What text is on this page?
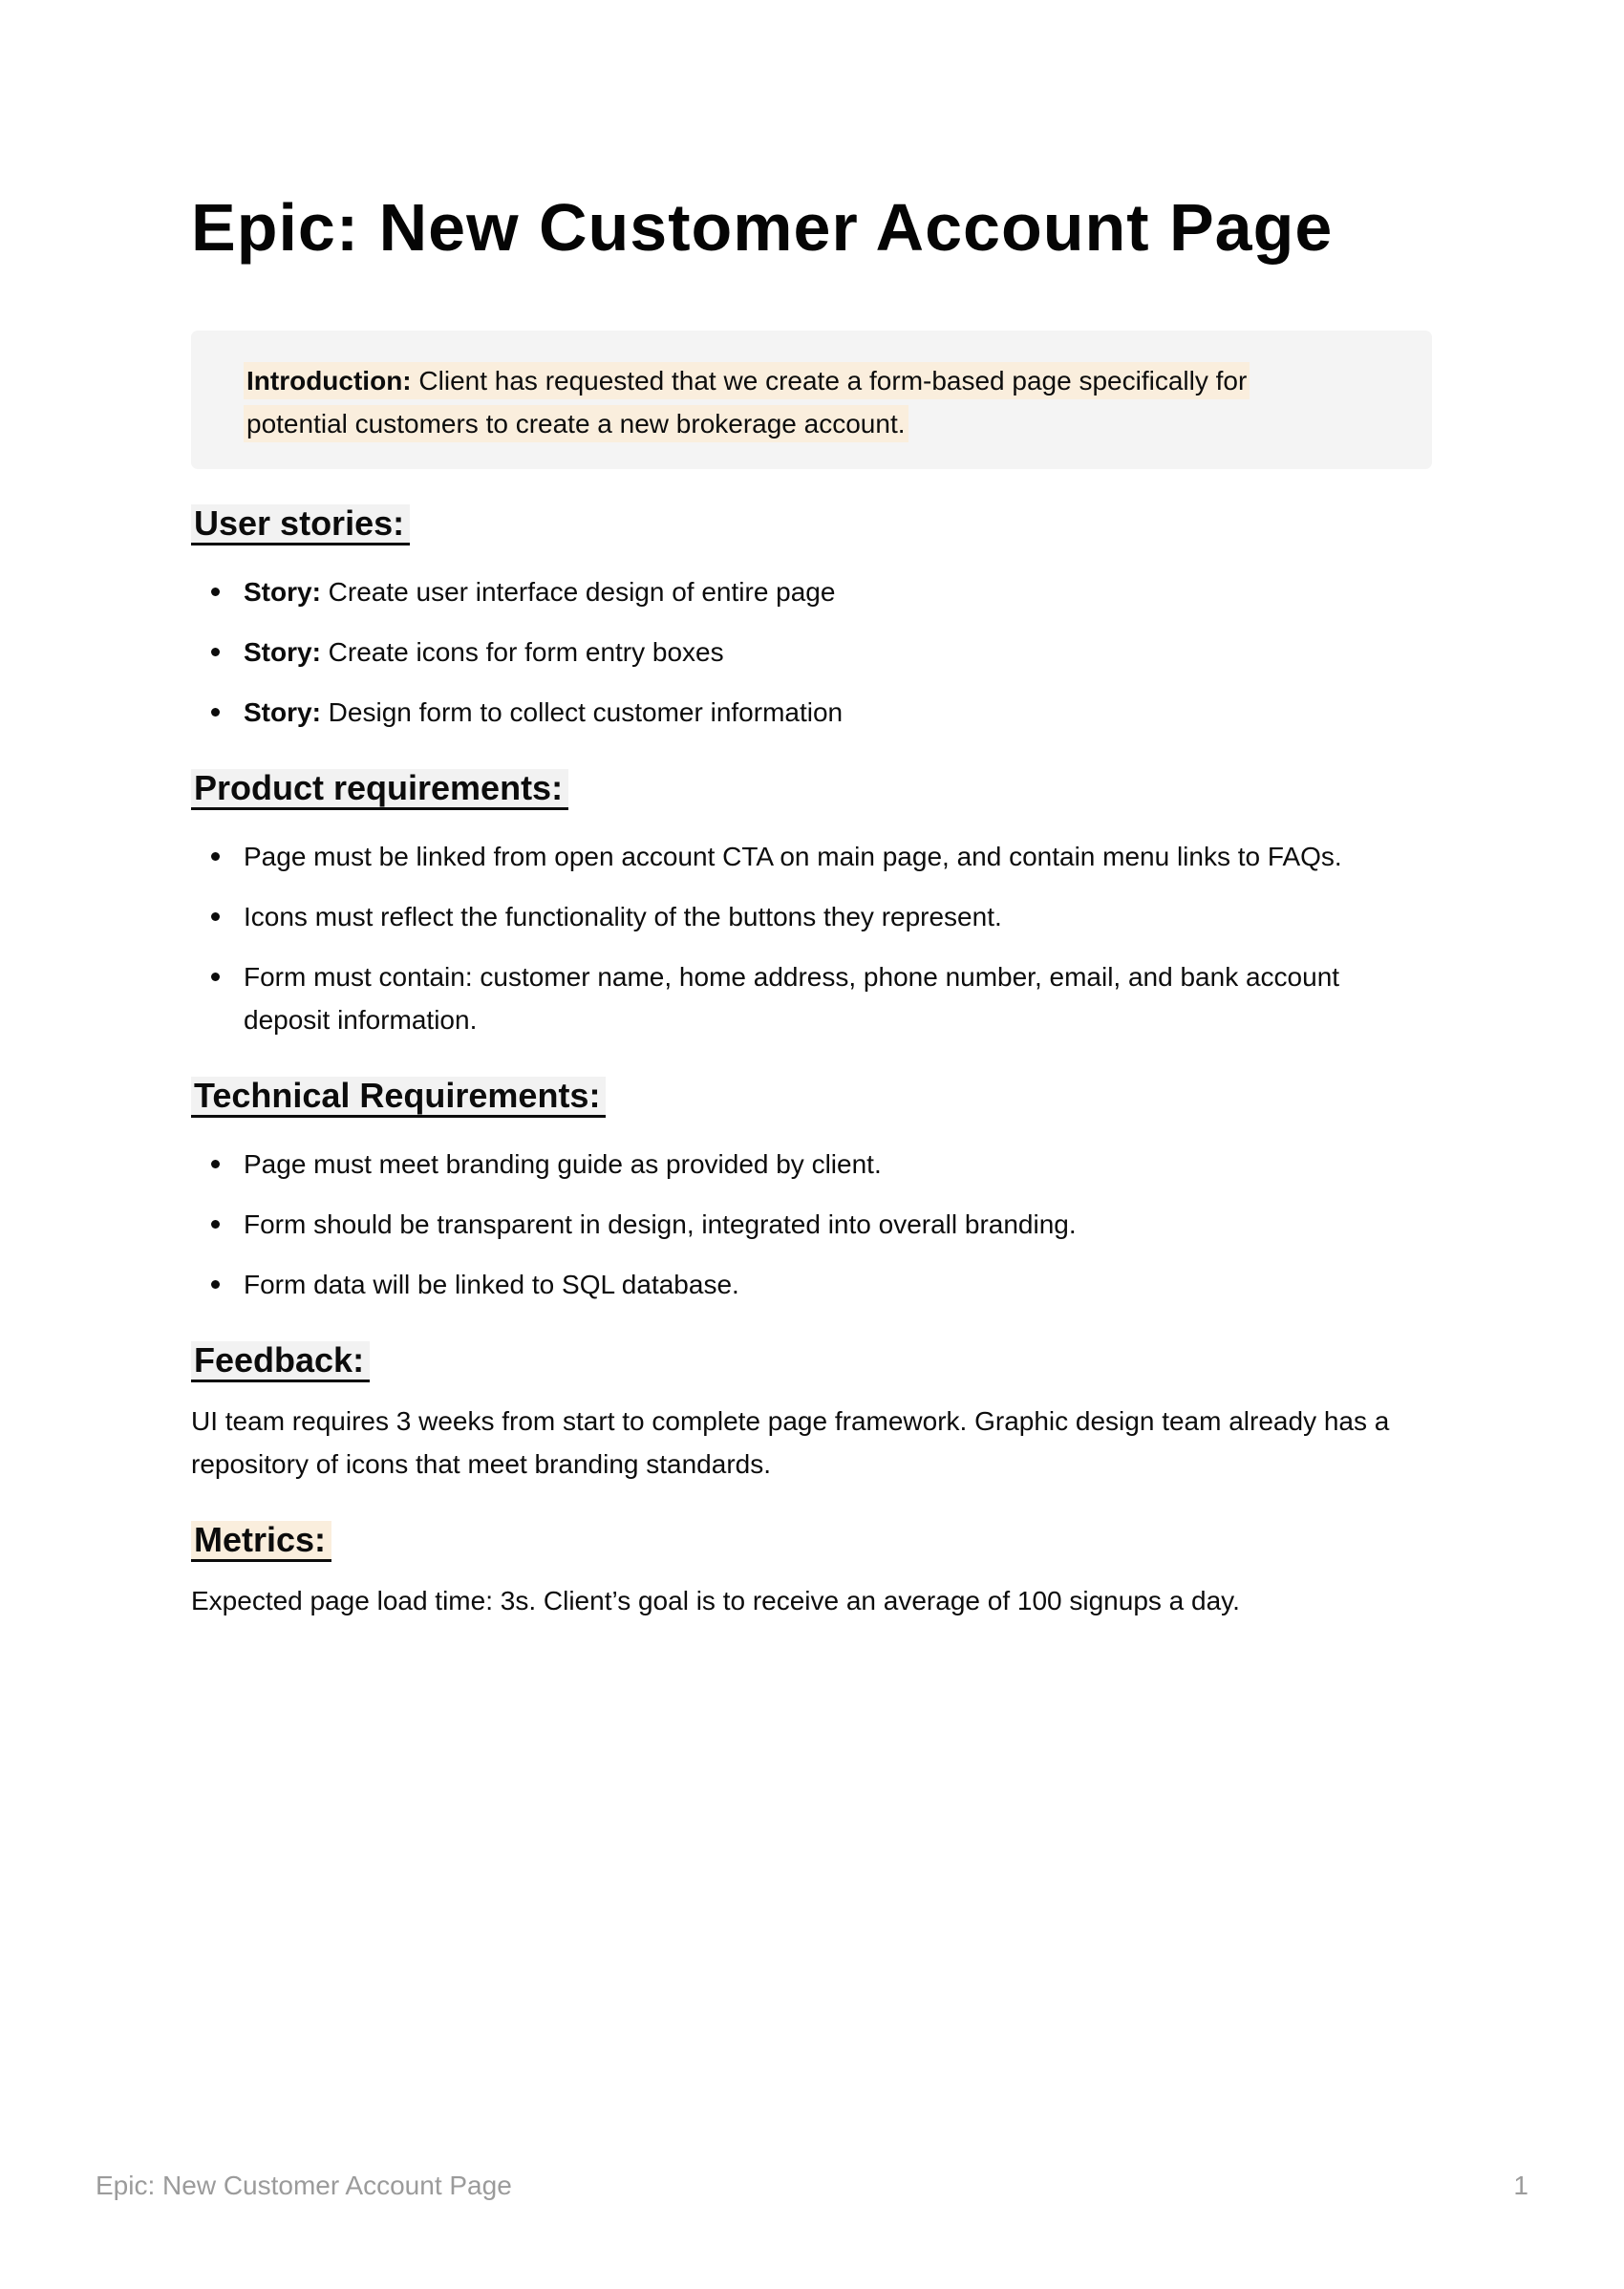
Epic: New Customer Account Page

Introduction: Client has requested that we create a form-based page specifically for
potential customers to create a new brokerage account.

User stories:
Story: Create user interface design of entire page
Story: Create icons for form entry boxes
Story: Design form to collect customer information
Product requirements:
Page must be linked from open account CTA on main page, and contain menu links to FAQs.
Icons must reflect the functionality of the buttons they represent.
Form must contain: customer name, home address, phone number, email, and bank account deposit information.
Technical Requirements:
Page must meet branding guide as provided by client.
Form should be transparent in design, integrated into overall branding.
Form data will be linked to SQL database.
Feedback:

UI team requires 3 weeks from start to complete page framework. Graphic design team already has a repository of icons that meet branding standards.

Metrics:

Expected page load time: 3s. Client’s goal is to receive an average of 100 signups a day.

Epic: New Customer Account Page	1
